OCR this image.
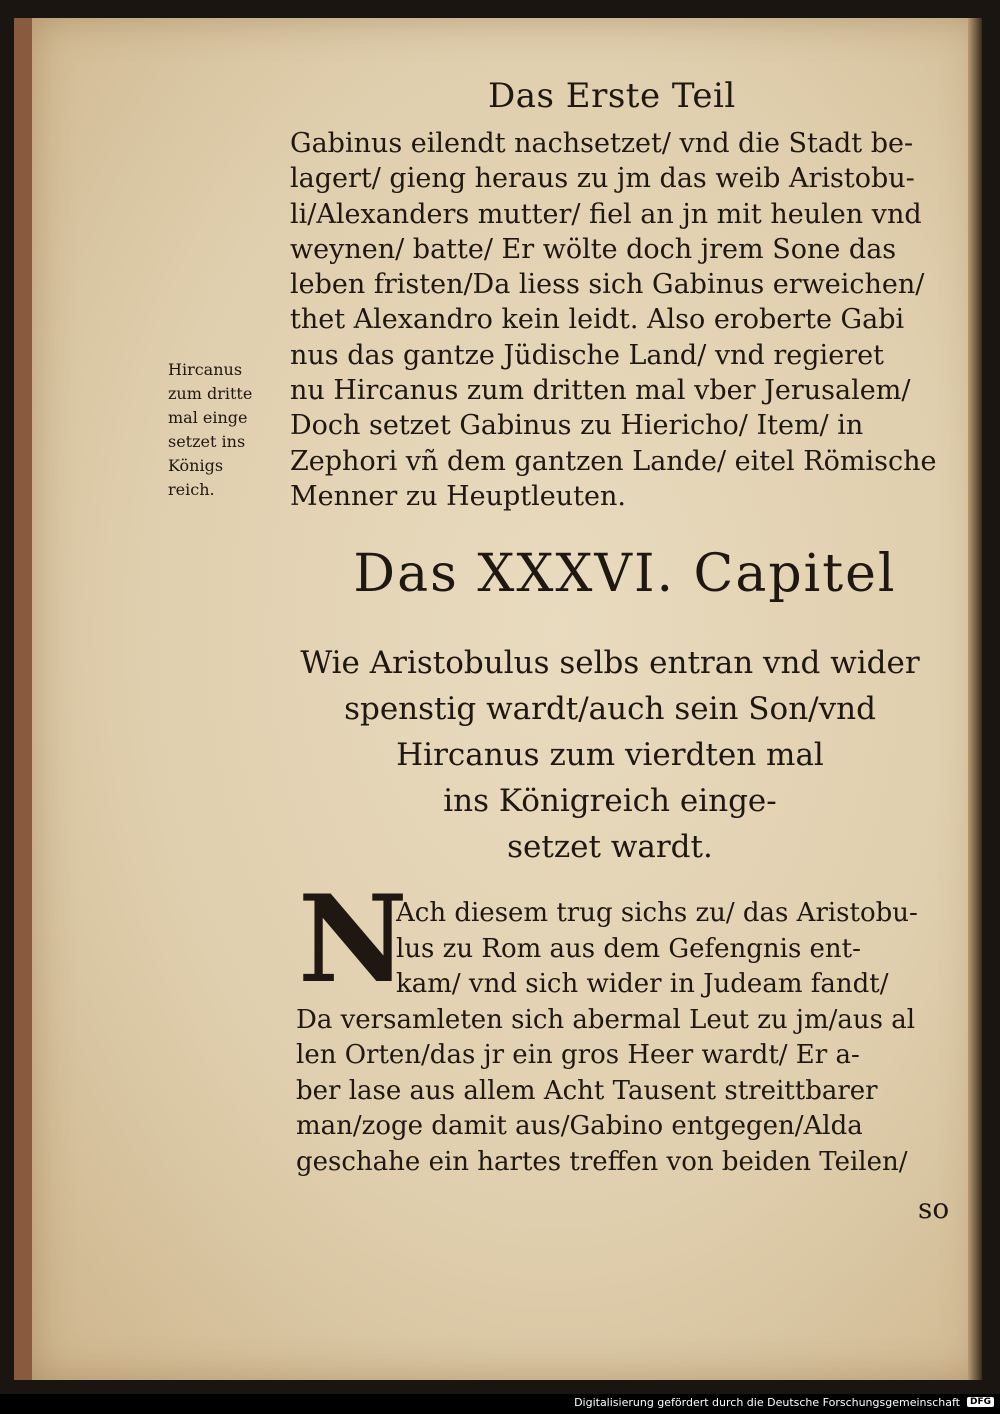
Das Erste Teil
Gabinus eilendt nachsetzet/ vnd die Stadt be-
lagert/ gieng heraus zu jm das weib Aristobu-
li/Alexanders mutter/ fiel an jn mit heulen vnd
weynen/ batte/ Er wölte doch jrem Sone das
leben fristen/Da liess sich Gabinus erweichen/
thet Alexandro kein leidt. Also eroberte Gabi
nus das gantze Jüdische Land/ vnd regieret
nu Hircanus zum dritten mal vber Jerusalem/
Doch setzet Gabinus zu Hiericho/ Item/ in
Zephori vñ dem gantzen Lande/ eitel Römische
Menner zu Heuptleuten.
Hircanus
zum dritte
mal einge
setzet ins
Königs
reich.
Das XXXVI. Capitel
Wie Aristobulus selbs entran vnd wider
spenstig wardt/auch sein Son/vnd
Hircanus zum vierdten mal
ins Königreich einge-
setzet wardt.
N
Ach diesem trug sichs zu/ das Aristobu-
lus zu Rom aus dem Gefengnis ent-
kam/ vnd sich wider in Judeam fandt/
Da versamleten sich abermal Leut zu jm/aus al
len Orten/das jr ein gros Heer wardt/ Er a-
ber lase aus allem Acht Tausent streittbarer
man/zoge damit aus/Gabino entgegen/Alda
geschahe ein hartes treffen von beiden Teilen/
so
Digitalisierung gefördert durch die Deutsche Forschungsgemeinschaft	DFG
